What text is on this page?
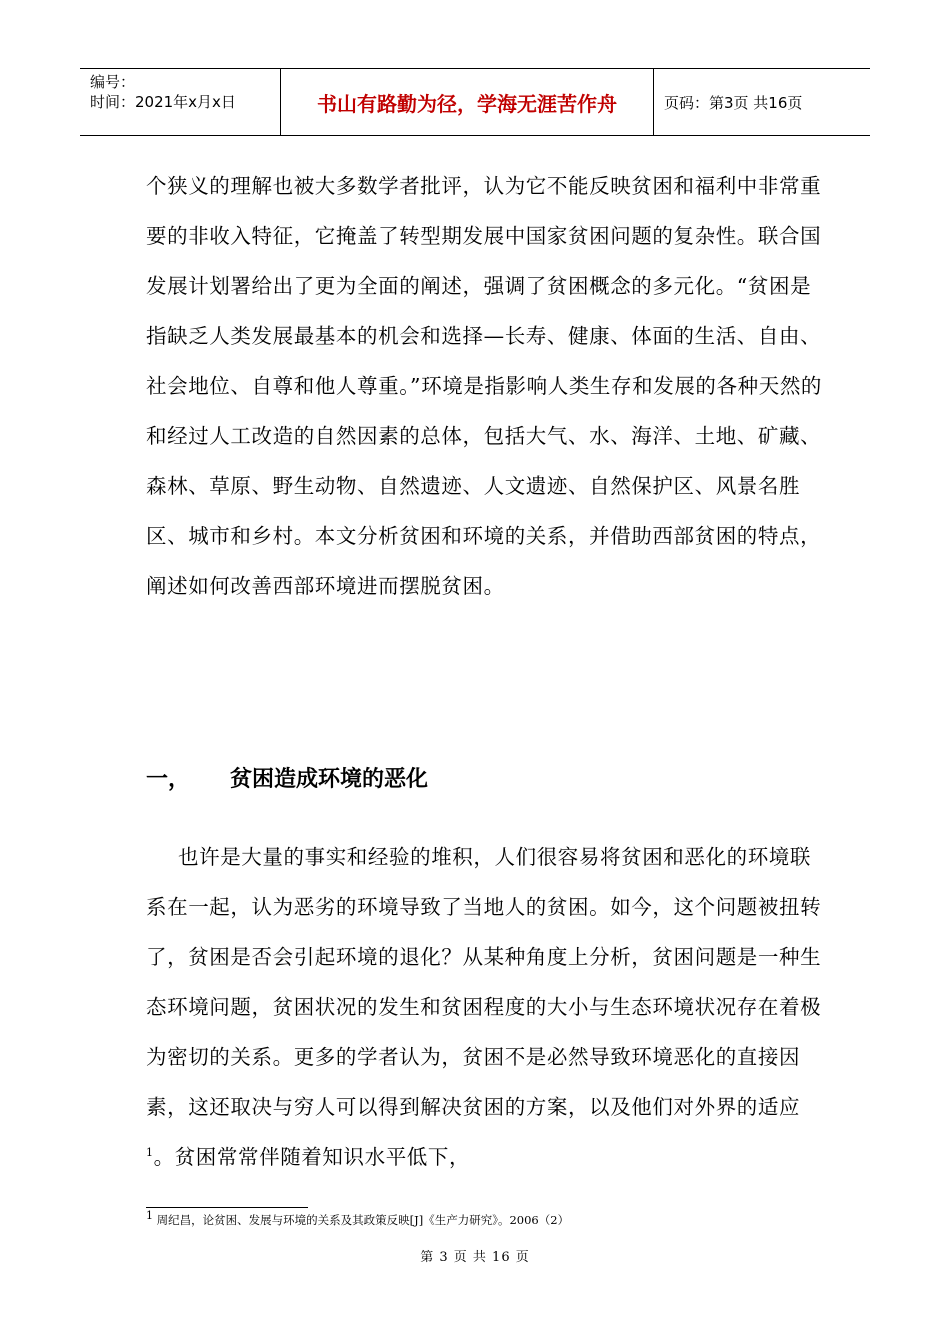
编号：
时间：2021年x月x日	书山有路勤为径，学海无涯苦作舟	页码：第3页 共16页
个狭义的理解也被大多数学者批评，认为它不能反映贫困和福利中非常重要的非收入特征，它掩盖了转型期发展中国家贫困问题的复杂性。联合国发展计划署给出了更为全面的阐述，强调了贫困概念的多元化。“贫困是指缺乏人类发展最基本的机会和选择—长寿、健康、体面的生活、自由、社会地位、自尊和他人尊重。”环境是指影响人类生存和发展的各种天然的和经过人工改造的自然因素的总体，包括大气、水、海洋、土地、矿藏、森林、草原、野生动物、自然遗迹、人文遗迹、自然保护区、风景名胜区、城市和乡村。本文分析贫困和环境的关系，并借助西部贫困的特点，阐述如何改善西部环境进而摆脱贫困。
一， 贫困造成环境的恶化
也许是大量的事实和经验的堆积，人们很容易将贫困和恶化的环境联系在一起，认为恶劣的环境导致了当地人的贫困。如今，这个问题被扭转了，贫困是否会引起环境的退化？从某种角度上分析，贫困问题是一种生态环境问题，贫困状况的发生和贫困程度的大小与生态环境状况存在着极为密切的关系。更多的学者认为，贫困不是必然导致环境恶化的直接因素，这还取决与穷人可以得到解决贫困的方案，以及他们对外界的适应$^1$。贫困常常伴随着知识水平低下，
$^1$ 周纪昌，论贫困、发展与环境的关系及其政策反映[J]《生产力研究》。2006（2）
第 3 页 共 16 页
